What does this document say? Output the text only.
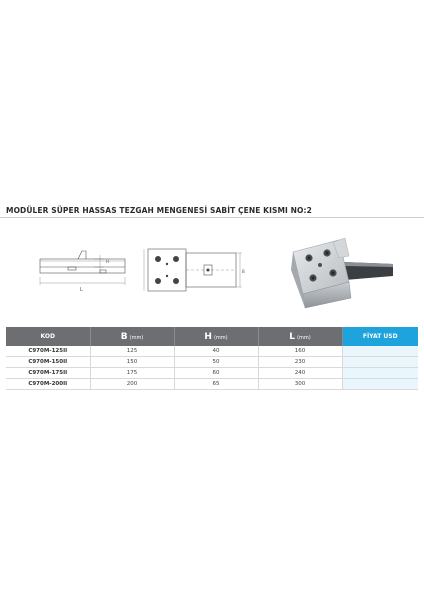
MODÜLER SÜPER HASSAS TEZGAH MENGENESİ SABİT ÇENE KISMI NO:2
L
H
B
KOD	B (mm)	H (mm)	L (mm)	FİYAT USD
C970M-125II	125	40	160	
C970M-150II	150	50	230	
C970M-175II	175	60	240	
C970M-200II	200	65	300	
